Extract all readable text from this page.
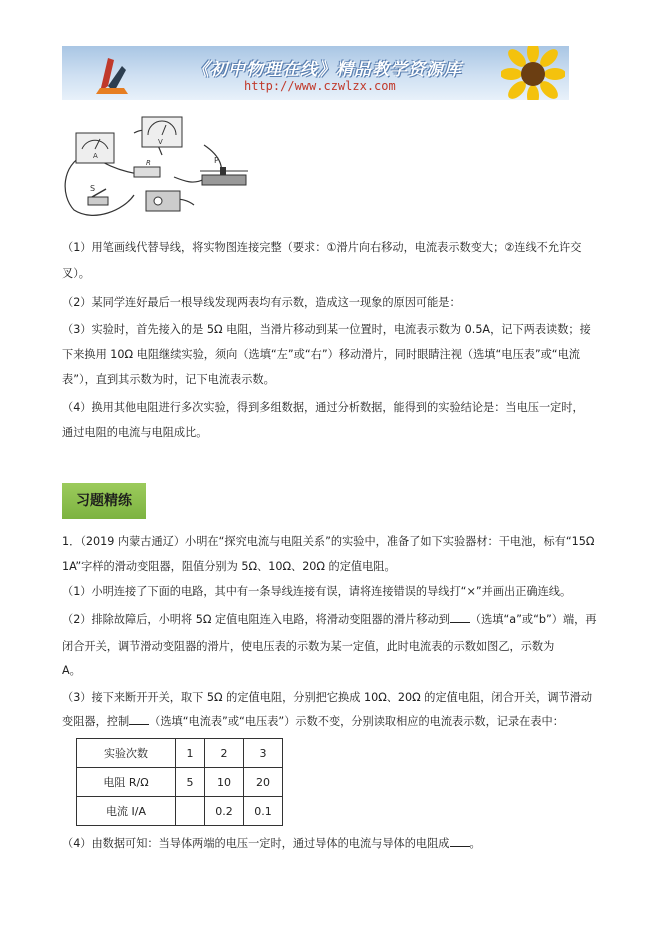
《初中物理在线》精品教学资源库
http://www.czwlzx.com
A
V
R	P
S
（1）用笔画线代替导线，将实物图连接完整（要求：①滑片向右移动，电流表示数变大；②连线不允许交
叉）。
（2）某同学连好最后一根导线发现两表均有示数，造成这一现象的原因可能是：
（3）实验时，首先接入的是 5Ω 电阻，当滑片移动到某一位置时，电流表示数为 0.5A，记下两表读数；接
下来换用 10Ω 电阻继续实验，须向（选填“左”或“右”）移动滑片，同时眼睛注视（选填“电压表”或“电流
表”），直到其示数为时，记下电流表示数。
（4）换用其他电阻进行多次实验，得到多组数据，通过分析数据，能得到的实验结论是：当电压一定时，
通过电阻的电流与电阻成比。
习题精练
1．（2019 内蒙古通辽）小明在“探究电流与电阻关系”的实验中，准备了如下实验器材：干电池，标有“15Ω
1A”字样的滑动变阻器，阻值分别为 5Ω、10Ω、20Ω 的定值电阻。
（1）小明连接了下面的电路，其中有一条导线连接有误，请将连接错误的导线打“×”并画出正确连线。
（2）排除故障后，小明将 5Ω 定值电阻连入电路，将滑动变阻器的滑片移动到 （选填“a”或“b”）端，再
闭合开关，调节滑动变阻器的滑片，使电压表的示数为某一定值，此时电流表的示数如图乙，示数为
A。
（3）接下来断开开关，取下 5Ω 的定值电阻，分别把它换成 10Ω、20Ω 的定值电阻，闭合开关，调节滑动
变阻器，控制 （选填“电流表”或“电压表”）示数不变，分别读取相应的电流表示数，记录在表中：
实验次数	1	2	3
电阻 R/Ω	5	10	20
电流 I/A		0.2	0.1
（4）由数据可知：当导体两端的电压一定时，通过导体的电流与导体的电阻成 。
